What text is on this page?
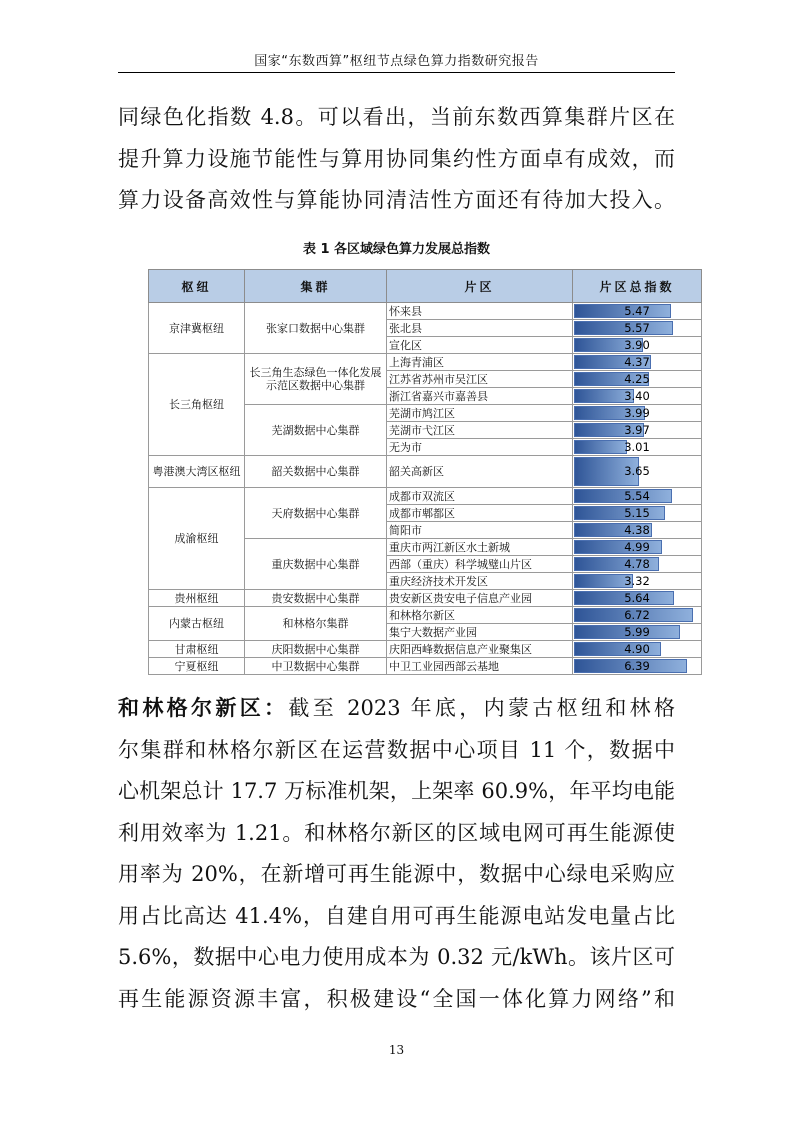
国家“东数西算”枢纽节点绿色算力指数研究报告
同绿色化指数 4.8。可以看出，当前东数西算集群片区在
提升算力设施节能性与算用协同集约性方面卓有成效，而
算力设备高效性与算能协同清洁性方面还有待加大投入。
表 1 各区域绿色算力发展总指数
枢纽	集群	片区	片区总指数
京津冀枢纽	张家口数据中心集群	怀来县	5.47

		张北县	5.57

		宣化区	3.90

长三角枢纽	长三角生态绿色一体化发展示范区数据中心集群	上海青浦区	4.37

		江苏省苏州市吴江区	4.25

		浙江省嘉兴市嘉善县	3.40

	芜湖数据中心集群	芜湖市鸠江区	3.99

		芜湖市弋江区	3.97

		无为市	3.01

粤港澳大湾区枢纽	韶关数据中心集群	韶关高新区	3.65

成渝枢纽	天府数据中心集群	成都市双流区	5.54

		成都市郫都区	5.15

		简阳市	4.38

	重庆数据中心集群	重庆市两江新区水土新城	4.99

		西部（重庆）科学城璧山片区	4.78

		重庆经济技术开发区	3.32

贵州枢纽	贵安数据中心集群	贵安新区贵安电子信息产业园	5.64

内蒙古枢纽	和林格尔集群	和林格尔新区	6.72

		集宁大数据产业园	5.99

甘肃枢纽	庆阳数据中心集群	庆阳西峰数据信息产业聚集区	4.90

宁夏枢纽	中卫数据中心集群	中卫工业园西部云基地	6.39
和林格尔新区：截至 2023 年底，内蒙古枢纽和林格
尔集群和林格尔新区在运营数据中心项目 11 个，数据中
心机架总计 17.7 万标准机架，上架率 60.9%，年平均电能
利用效率为 1.21。和林格尔新区的区域电网可再生能源使
用率为 20%，在新增可再生能源中，数据中心绿电采购应
用占比高达 41.4%，自建自用可再生能源电站发电量占比
5.6%，数据中心电力使用成本为 0.32 元/kWh。该片区可
再生能源资源丰富，积极建设“全国一体化算力网络”和
13
